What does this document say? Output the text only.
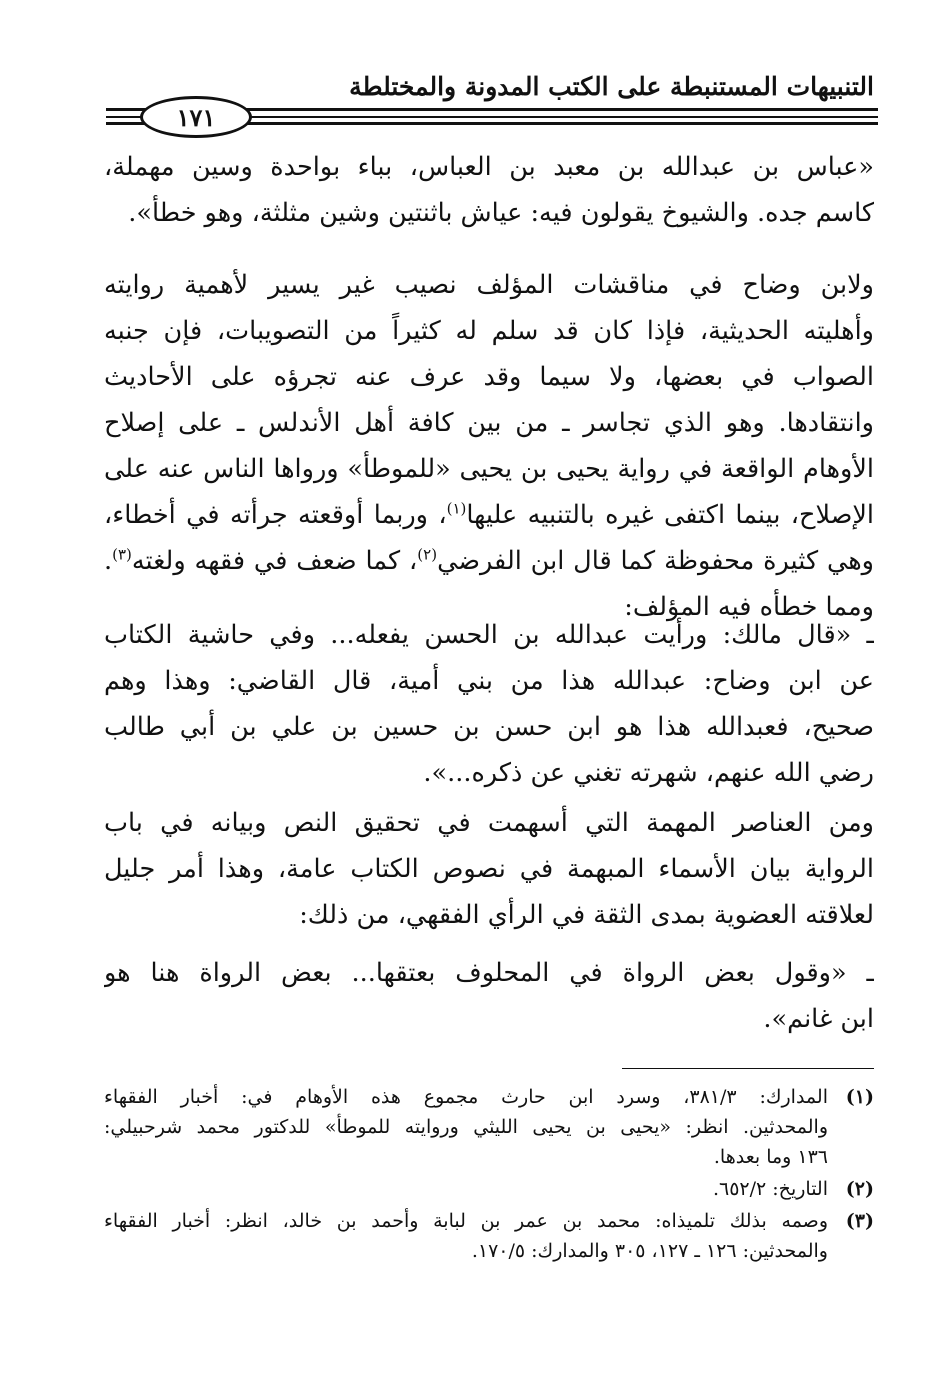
التنبيهات المستنبطة على الكتب المدونة والمختلطة
١٧١
«عباس بن عبدالله بن معبد بن العباس، بباء بواحدة وسين مهملة،
كاسم جده. والشيوخ يقولون فيه: عياش باثنتين وشين مثلثة، وهو خطأ».
ولابن وضاح في مناقشات المؤلف نصيب غير يسير لأهمية روايته
وأهليته الحديثية، فإذا كان قد سلم له كثيراً من التصويبات، فإن جنبه
الصواب في بعضها، ولا سيما وقد عرف عنه تجرؤه على الأحاديث
وانتقادها. وهو الذي تجاسر ـ من بين كافة أهل الأندلس ـ على إصلاح
الأوهام الواقعة في رواية يحيى بن يحيى «للموطأ» ورواها الناس عنه على
الإصلاح، بينما اكتفى غيره بالتنبيه عليها$^{(١)}$، وربما أوقعته جرأته في أخطاء،
وهي كثيرة محفوظة كما قال ابن الفرضي$^{(٢)}$، كما ضعف في فقهه ولغته$^{(٣)}$.
ومما خطأه فيه المؤلف:
ـ «قال مالك: ورأيت عبدالله بن الحسن يفعله... وفي حاشية الكتاب
عن ابن وضاح: عبدالله هذا من بني أمية، قال القاضي: وهذا وهم
صحيح، فعبدالله هذا هو ابن حسن بن حسين بن علي بن أبي طالب
رضي الله عنهم، شهرته تغني عن ذكره...».
ومن العناصر المهمة التي أسهمت في تحقيق النص وبيانه في باب
الرواية بيان الأسماء المبهمة في نصوص الكتاب عامة، وهذا أمر جليل
لعلاقته العضوية بمدى الثقة في الرأي الفقهي، من ذلك:
ـ «وقول بعض الرواة في المحلوف بعتقها... بعض الرواة هنا هو
ابن غانم».
(١)
المدارك: ٣٨١/٣، وسرد ابن حارث مجموع هذه الأوهام في: أخبار الفقهاء
والمحدثين. انظر: «يحيى بن يحيى الليثي وروايته للموطأ» للدكتور محمد شرحبيلي:
١٣٦ وما بعدها.
(٢)
التاريخ: ٦٥٢/٢.
(٣)
وصمه بذلك تلميذاه: محمد بن عمر بن لبابة وأحمد بن خالد، انظر: أخبار الفقهاء
والمحدثين: ١٢٦ ـ ١٢٧، ٣٠٥ والمدارك: ١٧٠/٥.
